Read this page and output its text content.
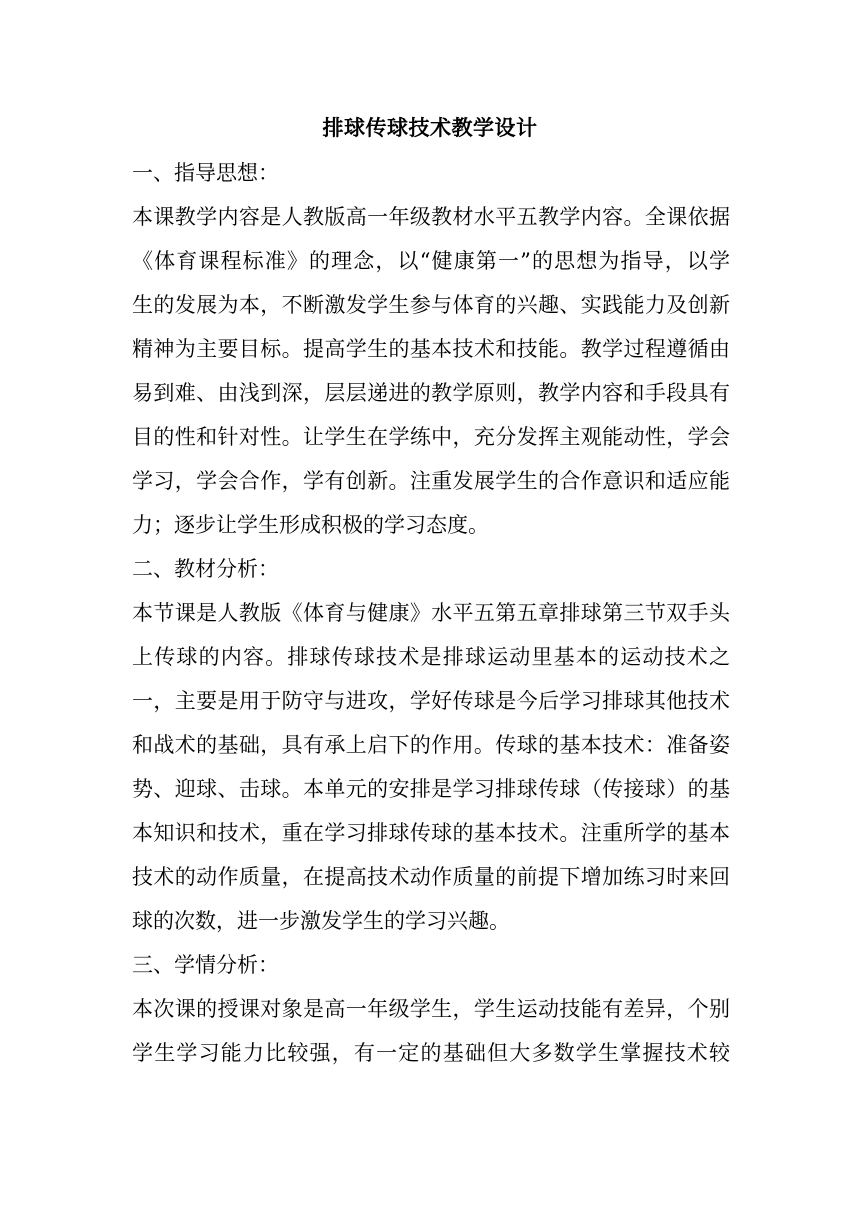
排球传球技术教学设计
一、指导思想：
本课教学内容是人教版高一年级教材水平五教学内容。全课依据
《体育课程标准》的理念，以“健康第一”的思想为指导，以学
生的发展为本，不断激发学生参与体育的兴趣、实践能力及创新
精神为主要目标。提高学生的基本技术和技能。教学过程遵循由
易到难、由浅到深，层层递进的教学原则，教学内容和手段具有
目的性和针对性。让学生在学练中，充分发挥主观能动性，学会
学习，学会合作，学有创新。注重发展学生的合作意识和适应能
力；逐步让学生形成积极的学习态度。
二、教材分析：
本节课是人教版《体育与健康》水平五第五章排球第三节双手头
上传球的内容。排球传球技术是排球运动里基本的运动技术之
一，主要是用于防守与进攻，学好传球是今后学习排球其他技术
和战术的基础，具有承上启下的作用。传球的基本技术：准备姿
势、迎球、击球。本单元的安排是学习排球传球（传接球）的基
本知识和技术，重在学习排球传球的基本技术。注重所学的基本
技术的动作质量，在提高技术动作质量的前提下增加练习时来回
球的次数，进一步激发学生的学习兴趣。
三、学情分析：
本次课的授课对象是高一年级学生，学生运动技能有差异，个别
学生学习能力比较强，有一定的基础但大多数学生掌握技术较
